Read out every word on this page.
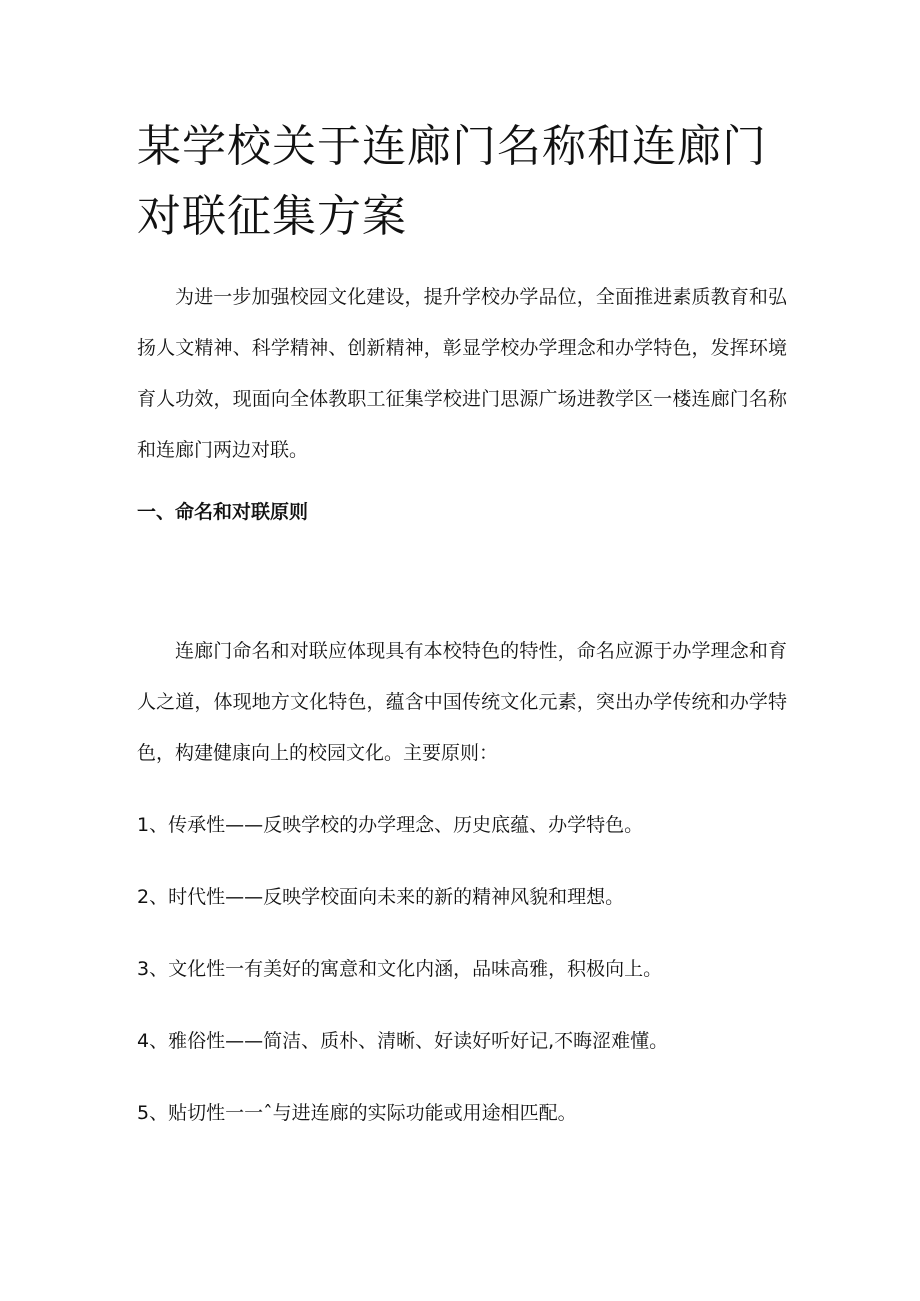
某学校关于连廊门名称和连廊门对联征集方案

为进一步加强校园文化建设，提升学校办学品位，全面推进素质教育和弘扬人文精神、科学精神、创新精神，彰显学校办学理念和办学特色，发挥环境育人功效，现面向全体教职工征集学校进门思源广场进教学区一楼连廊门名称和连廊门两边对联。

一、命名和对联原则

连廊门命名和对联应体现具有本校特色的特性，命名应源于办学理念和育人之道，体现地方文化特色，蕴含中国传统文化元素，突出办学传统和办学特色，构建健康向上的校园文化。主要原则：

1、传承性——反映学校的办学理念、历史底蕴、办学特色。
2、时代性——反映学校面向未来的新的精神风貌和理想。
3、文化性一有美好的寓意和文化内涵，品味高雅，积极向上。
4、雅俗性——简洁、质朴、清晰、好读好听好记,不晦涩难懂。
5、贴切性一一ˆ与进连廊的实际功能或用途相匹配。
